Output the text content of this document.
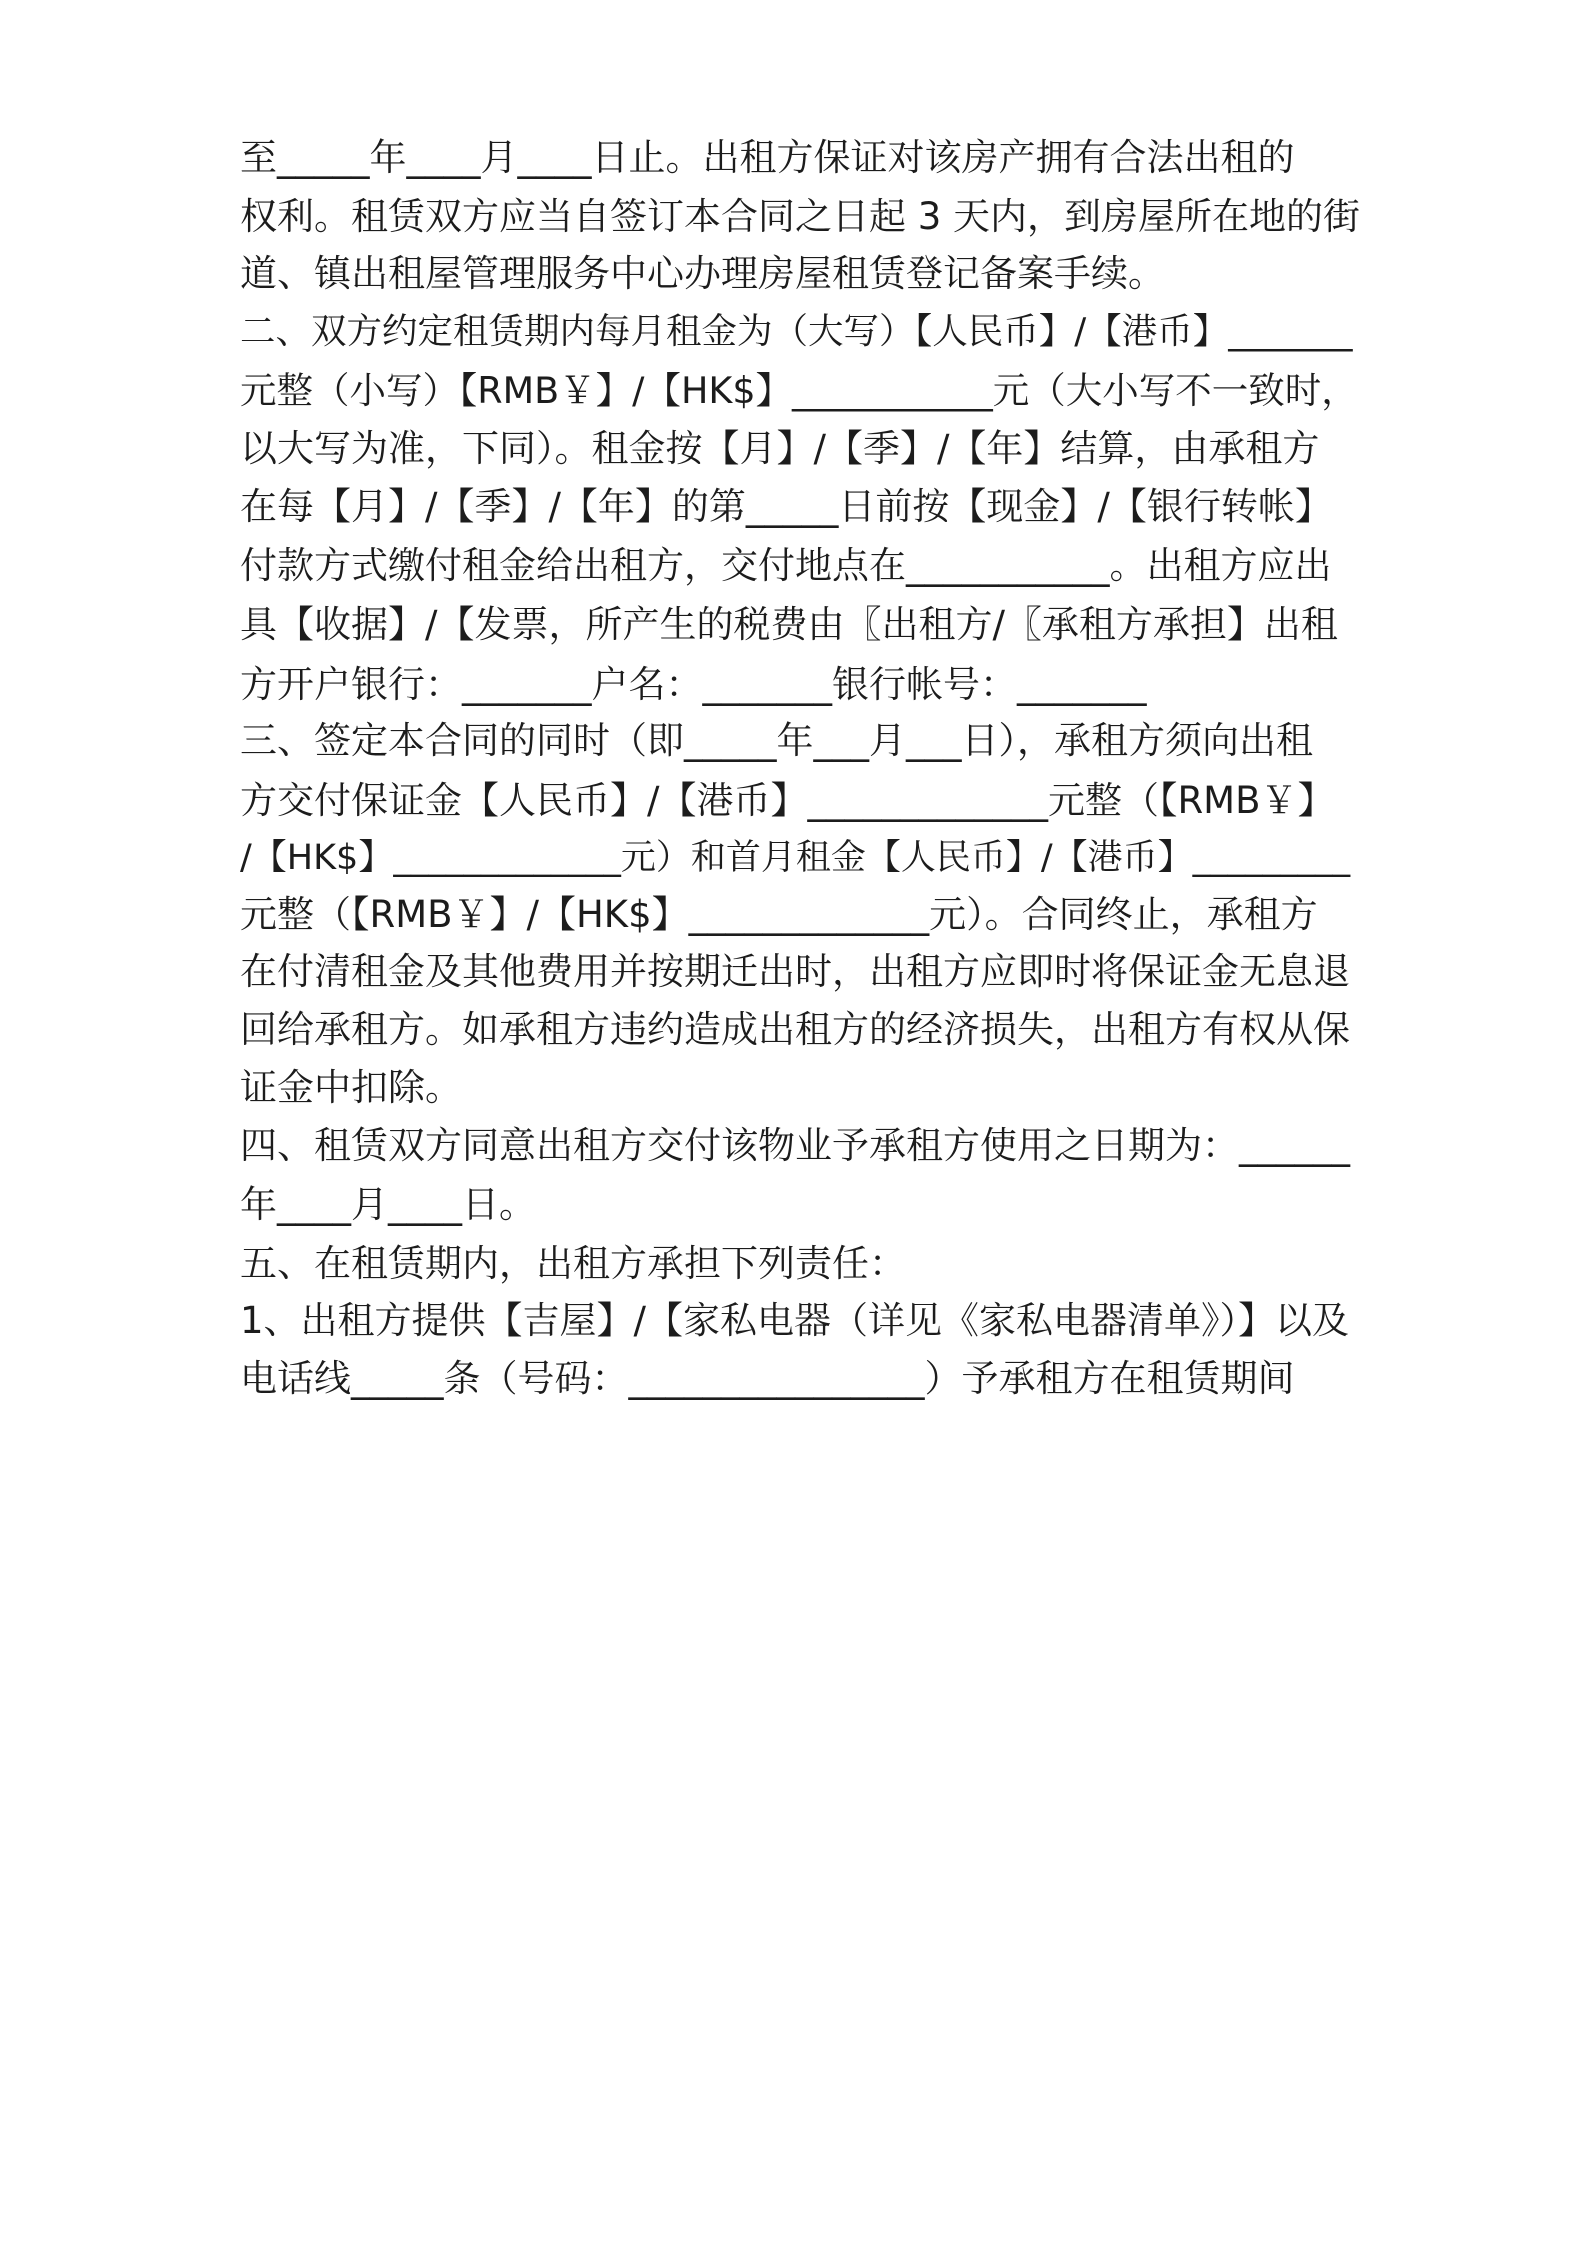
至_____年____月____日止。出租方保证对该房产拥有合法出租的

权利。租赁双方应当自签订本合同之日起 3 天内，到房屋所在地的街

道、镇出租屋管理服务中心办理房屋租赁登记备案手续。

二、双方约定租赁期内每月租金为（大写）【人民币】/【港币】_______

元整（小写）【RMB￥】/【HK$】___________元（大小写不一致时，

以大写为准，下同）。租金按【月】/【季】/【年】结算，由承租方

在每【月】/【季】/【年】的第_____日前按【现金】/【银行转帐】

付款方式缴付租金给出租方，交付地点在___________。出租方应出

具【收据】/【发票，所产生的税费由〖出租方/〖承租方承担】出租

方开户银行：_______户名：_______银行帐号：_______

三、签定本合同的同时（即_____年___月___日），承租方须向出租

方交付保证金【人民币】/【港币】_____________元整（【RMB￥】

/【HK$】_____________元）和首月租金【人民币】/【港币】_________

元整（【RMB￥】/【HK$】_____________元）。合同终止，承租方

在付清租金及其他费用并按期迁出时，出租方应即时将保证金无息退

回给承租方。如承租方违约造成出租方的经济损失，出租方有权从保

证金中扣除。

四、租赁双方同意出租方交付该物业予承租方使用之日期为：______

年____月____日。

五、在租赁期内，出租方承担下列责任：

1、出租方提供【吉屋】/【家私电器（详见《家私电器清单》）】以及

电话线_____条（号码：________________）予承租方在租赁期间
